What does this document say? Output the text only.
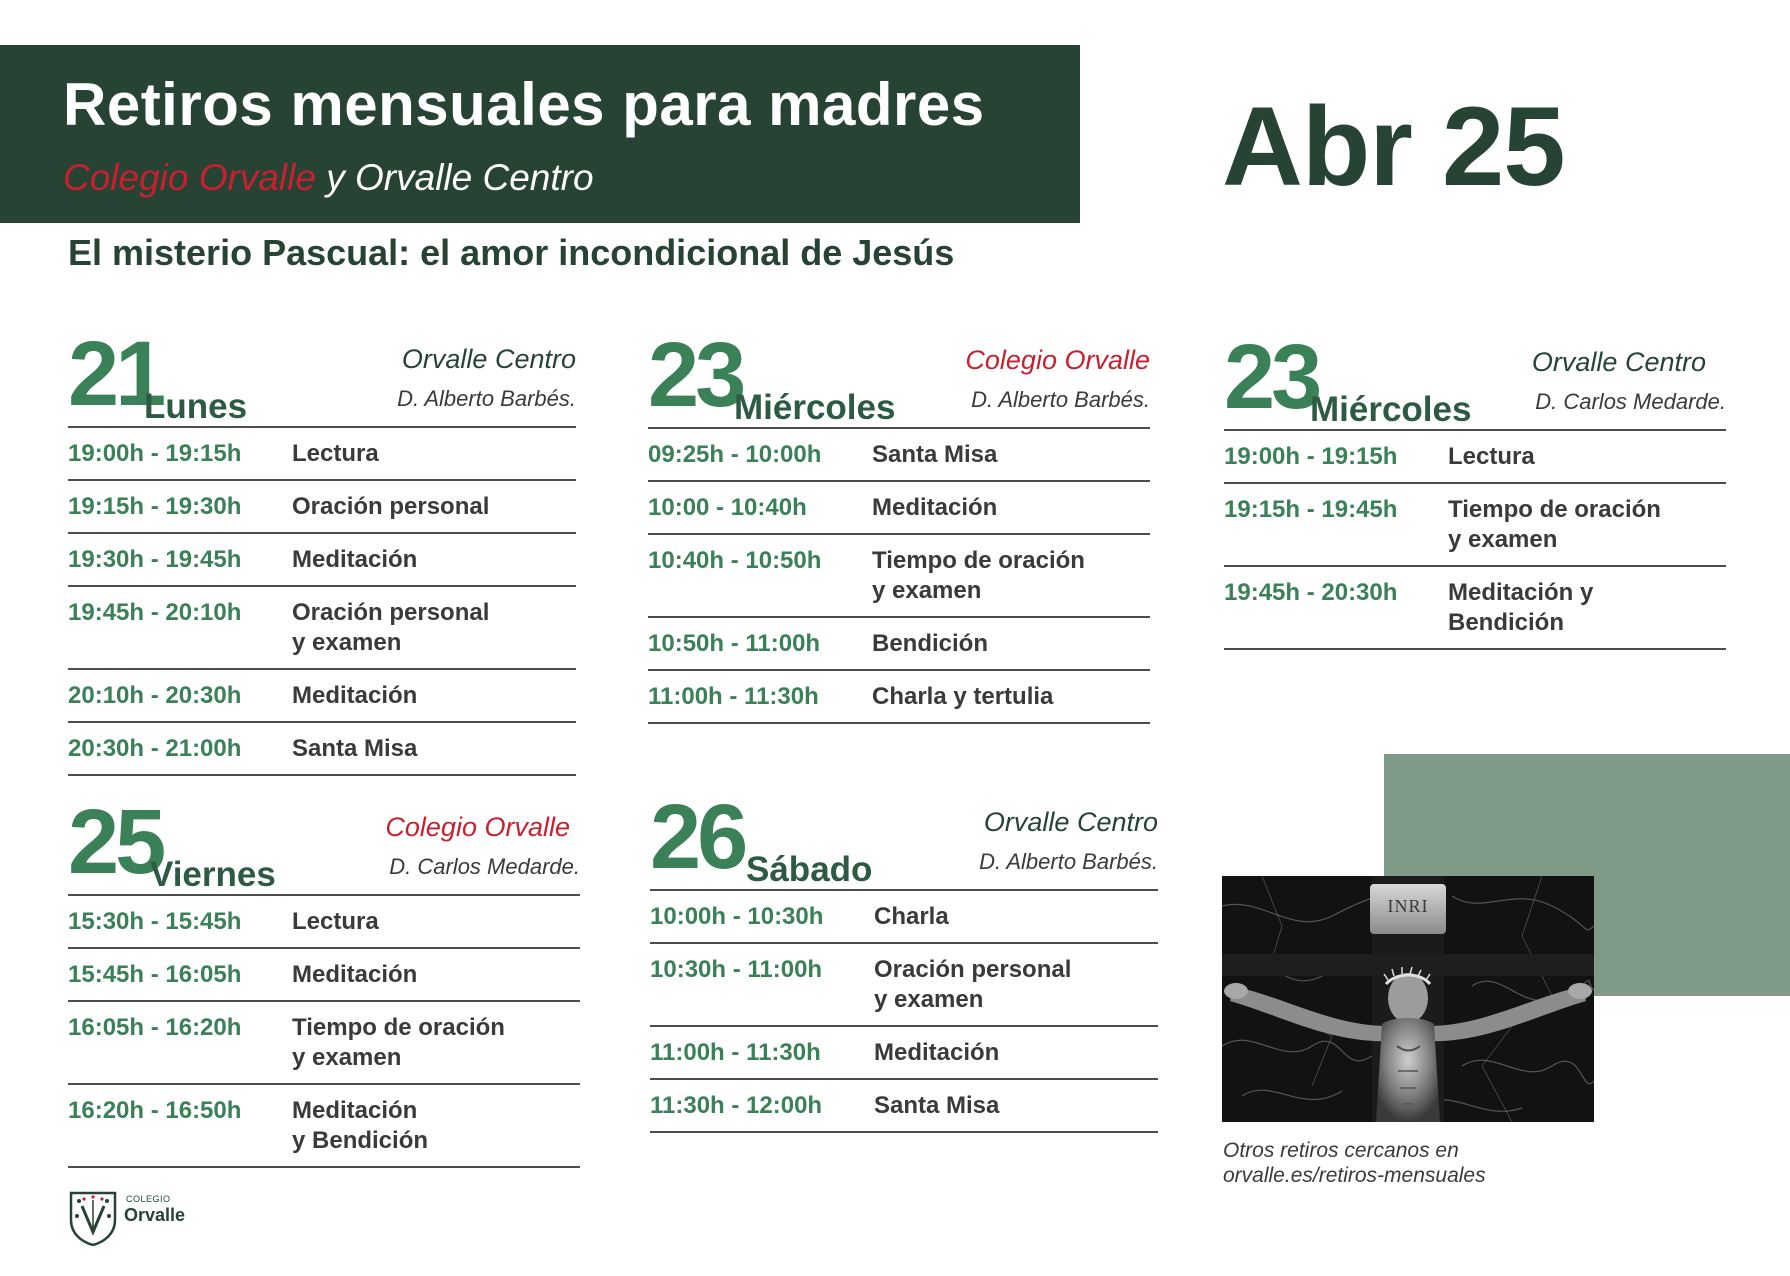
Retiros mensuales para madres
Colegio Orvalle y Orvalle Centro	Abr 25
El misterio Pascual: el amor incondicional de Jesús
21
Lunes
Orvalle Centro
D. Alberto Barbés.
19:00h - 19:15h	Lectura
19:15h - 19:30h	Oración personal
19:30h - 19:45h	Meditación
19:45h - 20:10h	Oración personal
y examen
20:10h - 20:30h	Meditación
20:30h - 21:00h	Santa Misa
23
Miércoles
Colegio Orvalle
D. Alberto Barbés.
09:25h - 10:00h	Santa Misa
10:00 - 10:40h	Meditación
10:40h - 10:50h	Tiempo de oración
y examen
10:50h - 11:00h	Bendición
11:00h - 11:30h	Charla y tertulia
23
Miércoles
Orvalle Centro
D. Carlos Medarde.
19:00h - 19:15h	Lectura
19:15h - 19:45h	Tiempo de oración
y examen
19:45h - 20:30h	Meditación y
Bendición
25
Viernes
Colegio Orvalle
D. Carlos Medarde.
15:30h - 15:45h	Lectura
15:45h - 16:05h	Meditación
16:05h - 16:20h	Tiempo de oración
y examen
16:20h - 16:50h	Meditación
y Bendición
26 Sábado
Orvalle Centro
D. Alberto Barbés.
10:00h - 10:30h	Charla
10:30h - 11:00h	Oración personal
y examen
11:00h - 11:30h	Meditación
11:30h - 12:00h	Santa Misa
INRI
Otros retiros cercanos en
orvalle.es/retiros-mensuales
COLEGIO
Orvalle
